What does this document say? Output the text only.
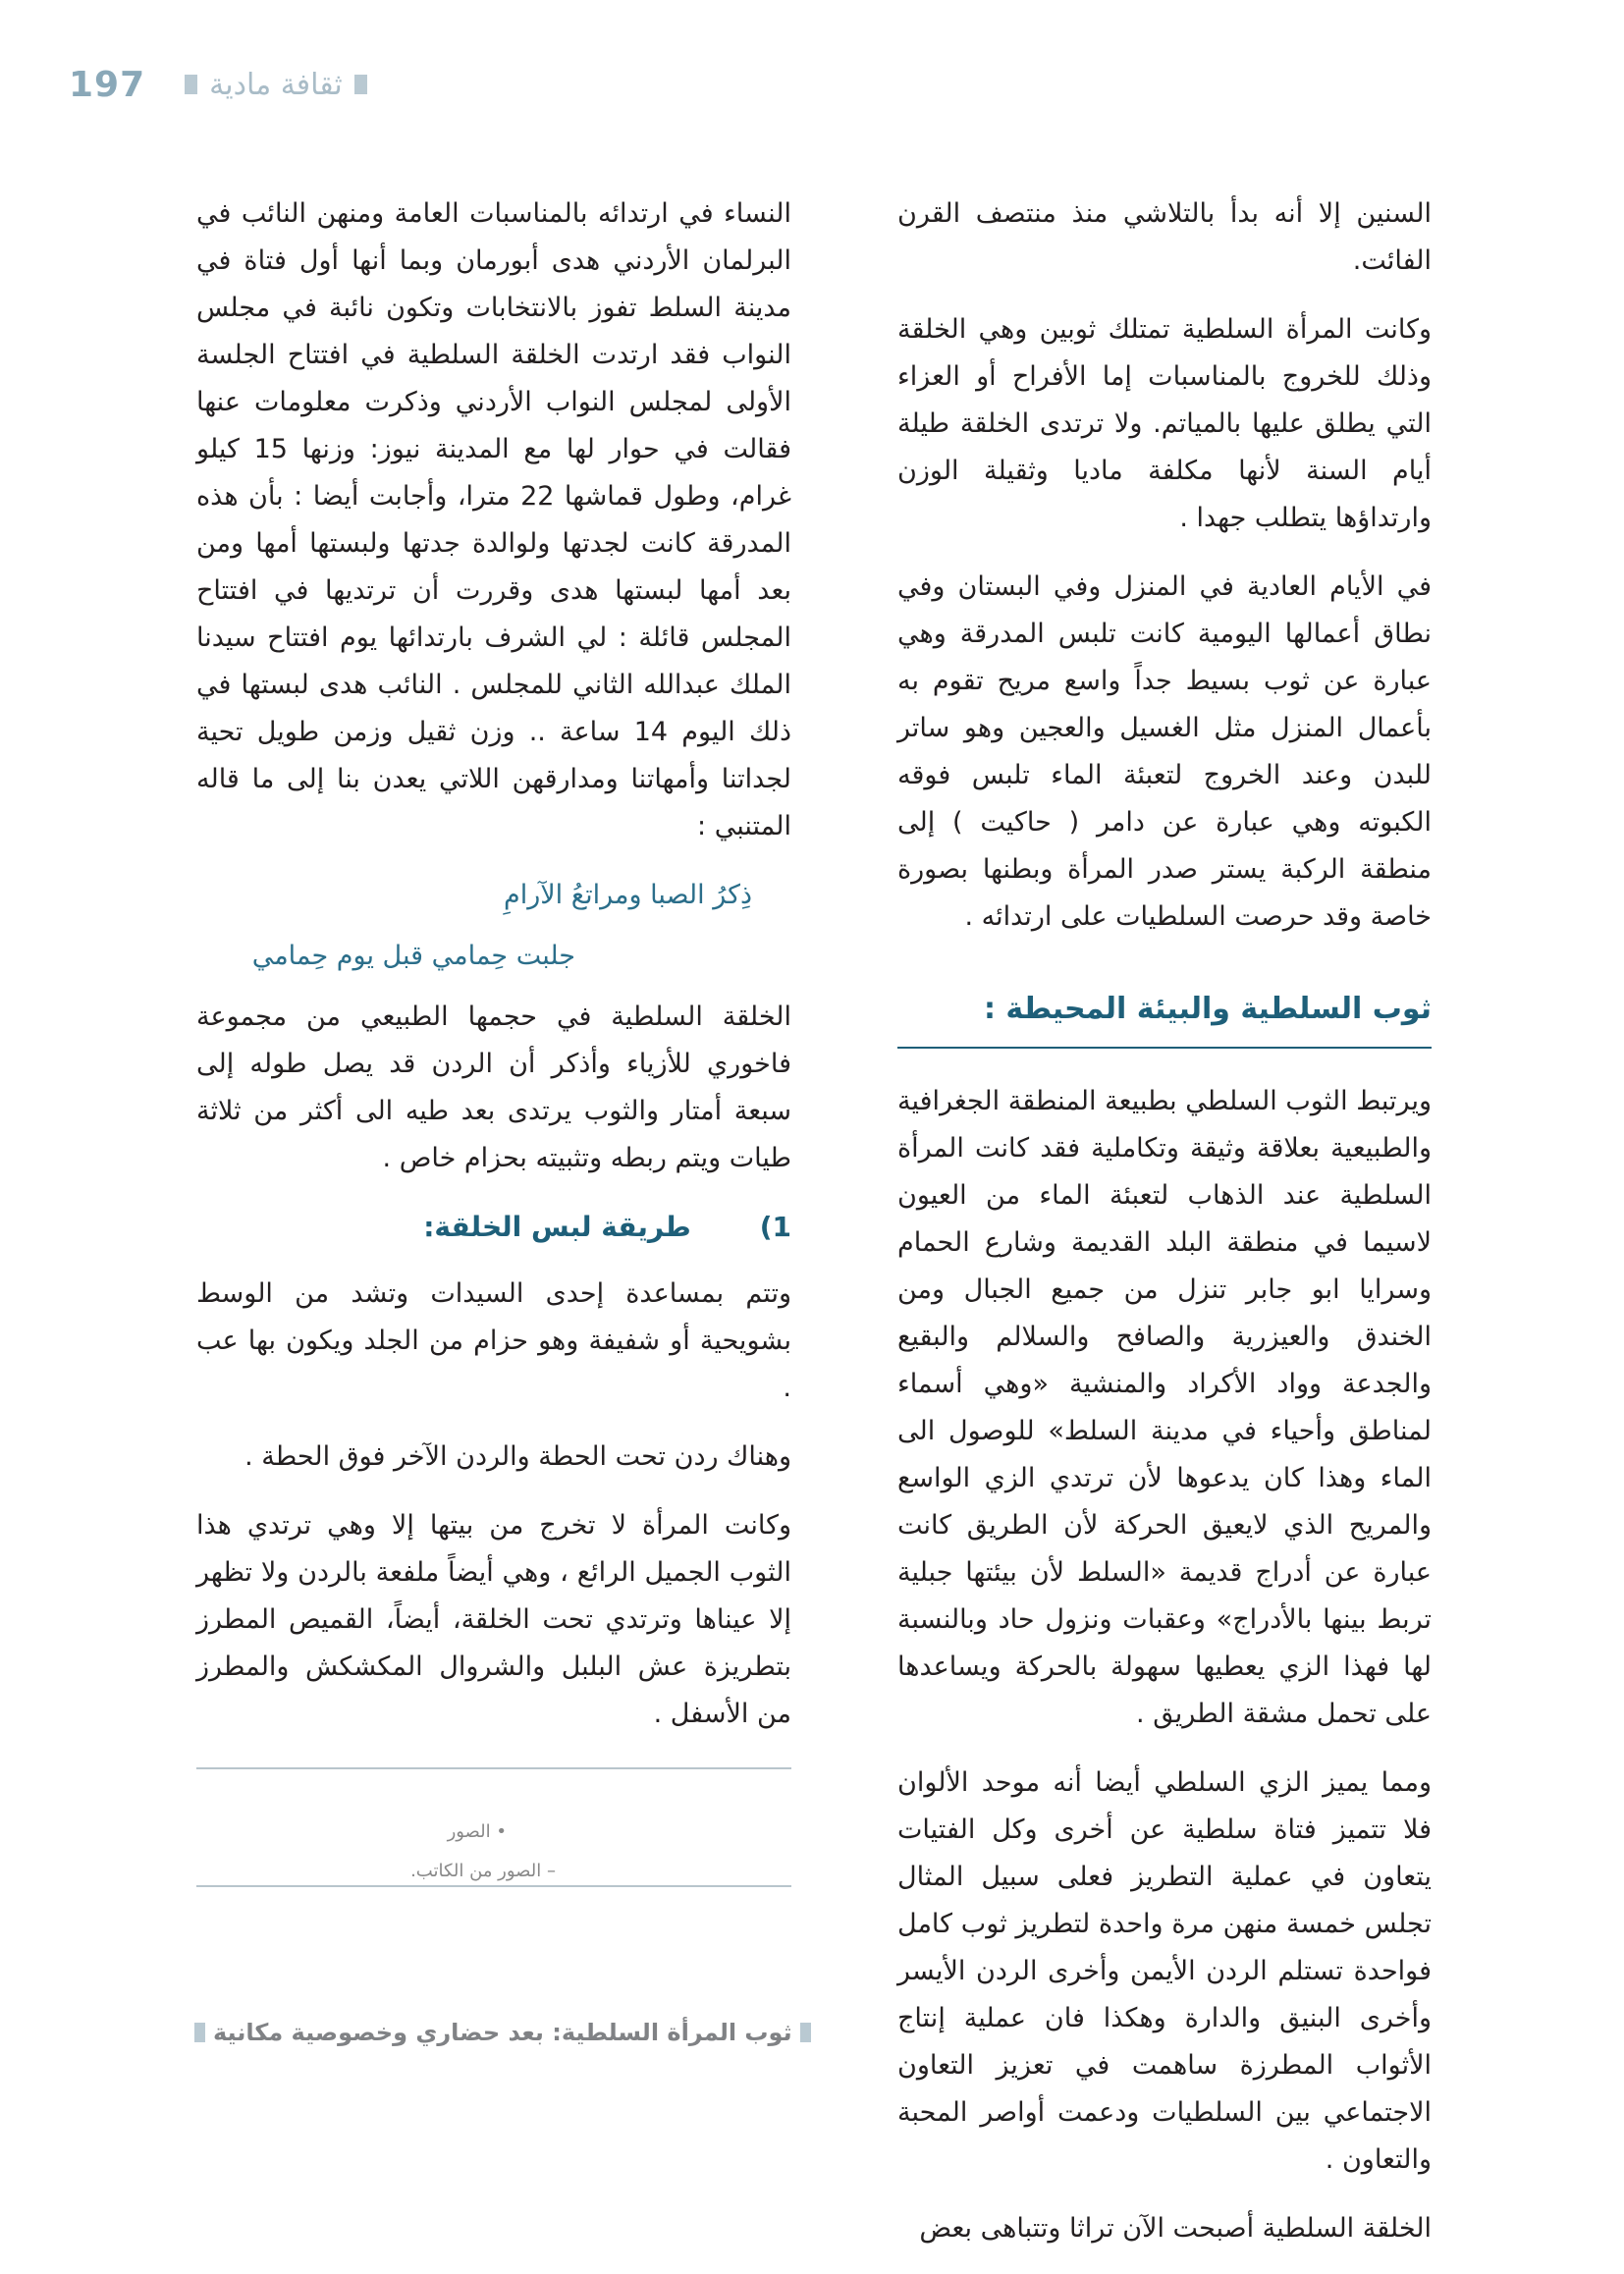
197 ثقافة مادية

السنين إلا أنه بدأ بالتلاشي منذ منتصف القرن الفائت.

وكانت المرأة السلطية تمتلك ثوبين وهي الخلقة وذلك للخروج بالمناسبات إما الأفراح أو العزاء التي يطلق عليها بالمياتم. ولا ترتدى الخلقة طيلة أيام السنة لأنها مكلفة ماديا وثقيلة الوزن وارتداؤها يتطلب جهدا .

في الأيام العادية في المنزل وفي البستان وفي نطاق أعمالها اليومية كانت تلبس المدرقة وهي عبارة عن ثوب بسيط جداً واسع مريح تقوم به بأعمال المنزل مثل الغسيل والعجين وهو ساتر للبدن وعند الخروج لتعبئة الماء تلبس فوقه الكبوته وهي عبارة عن دامر ( حاكيت ) إلى منطقة الركبة يستر صدر المرأة وبطنها بصورة خاصة وقد حرصت السلطيات على ارتدائه .

ثوب السلطية والبيئة المحيطة :

ويرتبط الثوب السلطي بطبيعة المنطقة الجغرافية والطبيعية بعلاقة وثيقة وتكاملية فقد كانت المرأة السلطية عند الذهاب لتعبئة الماء من العيون لاسيما في منطقة البلد القديمة وشارع الحمام وسرايا ابو جابر تنزل من جميع الجبال ومن الخندق والعيزرية والصافح والسلالم والبقيع والجدعة وواد الأكراد والمنشية «وهي أسماء لمناطق وأحياء في مدينة السلط» للوصول الى الماء وهذا كان يدعوها لأن ترتدي الزي الواسع والمريح الذي لايعيق الحركة لأن الطريق كانت عبارة عن أدراج قديمة «السلط لأن بيئتها جبلية تربط بينها بالأدراج» وعقبات ونزول حاد وبالنسبة لها فهذا الزي يعطيها سهولة بالحركة ويساعدها على تحمل مشقة الطريق .

ومما يميز الزي السلطي أيضا أنه موحد الألوان فلا تتميز فتاة سلطية عن أخرى وكل الفتيات يتعاون في عملية التطريز فعلى سبيل المثال تجلس خمسة منهن مرة واحدة لتطريز ثوب كامل فواحدة تستلم الردن الأيمن وأخرى الردن الأيسر وأخرى البنيق والدارة وهكذا فان عملية إنتاج الأثواب المطرزة ساهمت في تعزيز التعاون الاجتماعي بين السلطيات ودعمت أواصر المحبة والتعاون .

الخلقة السلطية أصبحت الآن تراثا وتتباهى بعض

النساء في ارتدائه بالمناسبات العامة ومنهن النائب في البرلمان الأردني هدى أبورمان وبما أنها أول فتاة في مدينة السلط تفوز بالانتخابات وتكون نائبة في مجلس النواب فقد ارتدت الخلقة السلطية في افتتاح الجلسة الأولى لمجلس النواب الأردني وذكرت معلومات عنها فقالت في حوار لها مع المدينة نيوز: وزنها 15 كيلو غرام، وطول قماشها 22 مترا، وأجابت أيضا : بأن هذه المدرقة كانت لجدتها ولوالدة جدتها ولبستها أمها ومن بعد أمها لبستها هدى وقررت أن ترتديها في افتتاح المجلس قائلة : لي الشرف بارتدائها يوم افتتاح سيدنا الملك عبدالله الثاني للمجلس . النائب هدى لبستها في ذلك اليوم 14 ساعة .. وزن ثقيل وزمن طويل تحية لجداتنا وأمهاتنا ومدارقهن اللاتي يعدن بنا إلى ما قاله المتنبي :

ذِكرُ الصبا ومراتعُ الآرامِ
جلبت حِمامي قبل يوم حِمامي

الخلقة السلطية في حجمها الطبيعي من مجموعة فاخوري للأزياء وأذكر أن الردن قد يصل طوله إلى سبعة أمتار والثوب يرتدى بعد طيه الى أكثر من ثلاثة طيات ويتم ربطه وتثبيته بحزام خاص .

1)
طريقة لبس الخلقة:

وتتم بمساعدة إحدى السيدات وتشد من الوسط بشويحية أو شفيفة وهو حزام من الجلد ويكون بها عب .

وهناك ردن تحت الحطة والردن الآخر فوق الحطة .

وكانت المرأة لا تخرج من بيتها إلا وهي ترتدي هذا الثوب الجميل الرائع ، وهي أيضاً ملفعة بالردن ولا تظهر إلا عيناها وترتدي تحت الخلقة، أيضاً، القميص المطرز بتطريزة عش البلبل والشروال المكشكش والمطرز من الأسفل .

• الصور
– الصور من الكاتب.
ثوب المرأة السلطية: بعد حضاري وخصوصية مكانية
